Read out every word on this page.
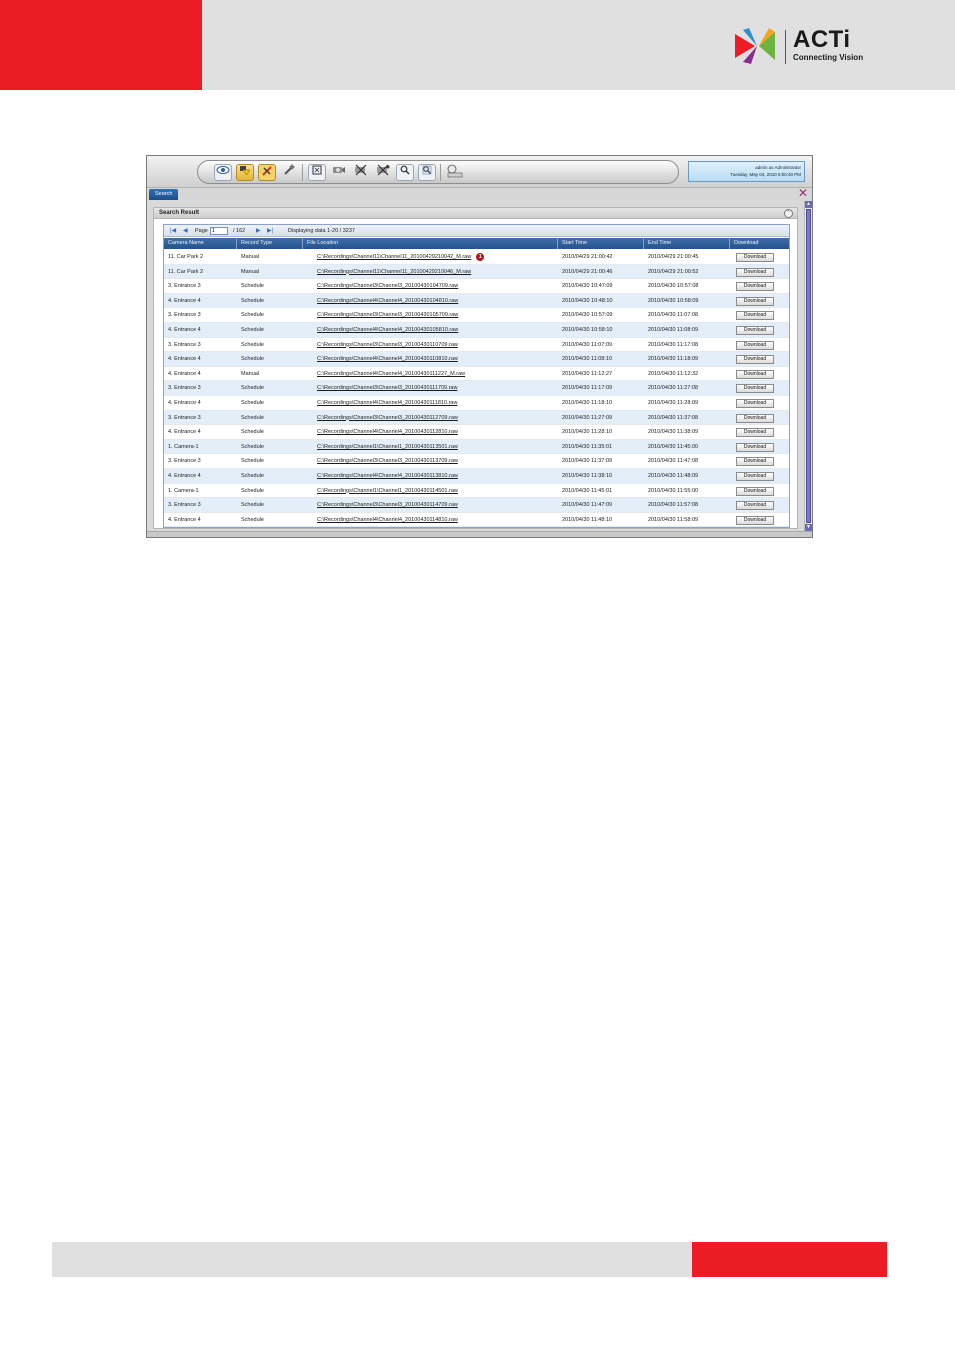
ACTi
Connecting Vision
admin as Administrator
Tuesday, May 04, 2010 5:00:40 PM
Search	✕
▲
▼
Search Result	⌃
|◀ ◀ Page
1	/ 162 ▶ ▶|	Displaying data 1-20 / 3237
Camera Name	Record Type	File Location	Start Time	End Time	Download
11. Car Park 2	Manual	C:\Recordings\Channel11\Channel11_20100429210042_M.raw 1	2010/04/29 21:00:42	2010/04/29 21:00:45	Download
11. Car Park 2	Manual	C:\Recordings\Channel11\Channel11_20100429210046_M.raw	2010/04/29 21:00:46	2010/04/29 21:00:52	Download
3. Entrance 3	Schedule	C:\Recordings\Channel3\Channel3_20100430104709.raw	2010/04/30 10:47:09	2010/04/30 10:57:08	Download
4. Entrance 4	Schedule	C:\Recordings\Channel4\Channel4_20100430104810.raw	2010/04/30 10:48:10	2010/04/30 10:58:09	Download
3. Entrance 3	Schedule	C:\Recordings\Channel3\Channel3_20100430105709.raw	2010/04/30 10:57:09	2010/04/30 11:07:08	Download
4. Entrance 4	Schedule	C:\Recordings\Channel4\Channel4_20100430105810.raw	2010/04/30 10:58:10	2010/04/30 11:08:09	Download
3. Entrance 3	Schedule	C:\Recordings\Channel3\Channel3_20100430110709.raw	2010/04/30 11:07:09	2010/04/30 11:17:08	Download
4. Entrance 4	Schedule	C:\Recordings\Channel4\Channel4_20100430110810.raw	2010/04/30 11:08:10	2010/04/30 11:18:09	Download
4. Entrance 4	Manual	C:\Recordings\Channel4\Channel4_20100430111227_M.raw	2010/04/30 11:12:27	2010/04/30 11:12:32	Download
3. Entrance 3	Schedule	C:\Recordings\Channel3\Channel3_20100430111709.raw	2010/04/30 11:17:09	2010/04/30 11:27:08	Download
4. Entrance 4	Schedule	C:\Recordings\Channel4\Channel4_20100430111810.raw	2010/04/30 11:18:10	2010/04/30 11:28:09	Download
3. Entrance 3	Schedule	C:\Recordings\Channel3\Channel3_20100430112709.raw	2010/04/30 11:27:09	2010/04/30 11:37:08	Download
4. Entrance 4	Schedule	C:\Recordings\Channel4\Channel4_20100430112810.raw	2010/04/30 11:28:10	2010/04/30 11:38:09	Download
1. Camera-1	Schedule	C:\Recordings\Channel1\Channel1_20100430113501.raw	2010/04/30 11:35:01	2010/04/30 11:45:00	Download
3. Entrance 3	Schedule	C:\Recordings\Channel3\Channel3_20100430113709.raw	2010/04/30 11:37:09	2010/04/30 11:47:08	Download
4. Entrance 4	Schedule	C:\Recordings\Channel4\Channel4_20100430113810.raw	2010/04/30 11:38:10	2010/04/30 11:48:09	Download
1. Camera-1	Schedule	C:\Recordings\Channel1\Channel1_20100430114501.raw	2010/04/30 11:45:01	2010/04/30 11:55:00	Download
3. Entrance 3	Schedule	C:\Recordings\Channel3\Channel3_20100430114709.raw	2010/04/30 11:47:09	2010/04/30 11:57:08	Download
4. Entrance 4	Schedule	C:\Recordings\Channel4\Channel4_20100430114810.raw	2010/04/30 11:48:10	2010/04/30 11:58:09	Download
